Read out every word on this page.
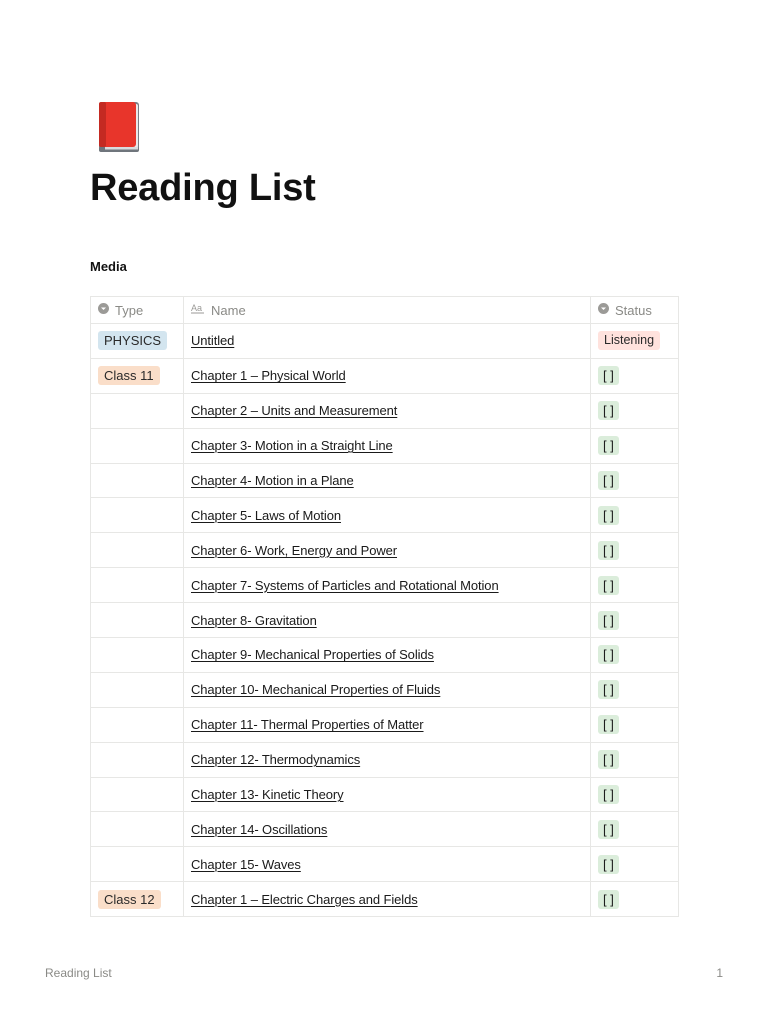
Reading List
Media
Type	Aa Name	Status

PHYSICS	Untitled	Listening
Class 11	Chapter 1 – Physical World	[ ]
	Chapter 2 – Units and Measurement	[ ]
	Chapter 3- Motion in a Straight Line	[ ]
	Chapter 4- Motion in a Plane	[ ]
	Chapter 5- Laws of Motion	[ ]
	Chapter 6- Work, Energy and Power	[ ]
	Chapter 7- Systems of Particles and Rotational Motion	[ ]
	Chapter 8- Gravitation	[ ]
	Chapter 9- Mechanical Properties of Solids	[ ]
	Chapter 10- Mechanical Properties of Fluids	[ ]
	Chapter 11- Thermal Properties of Matter	[ ]
	Chapter 12- Thermodynamics	[ ]
	Chapter 13- Kinetic Theory	[ ]
	Chapter 14- Oscillations	[ ]
	Chapter 15- Waves	[ ]
Class 12	Chapter 1 – Electric Charges and Fields	[ ]
Reading List	1
